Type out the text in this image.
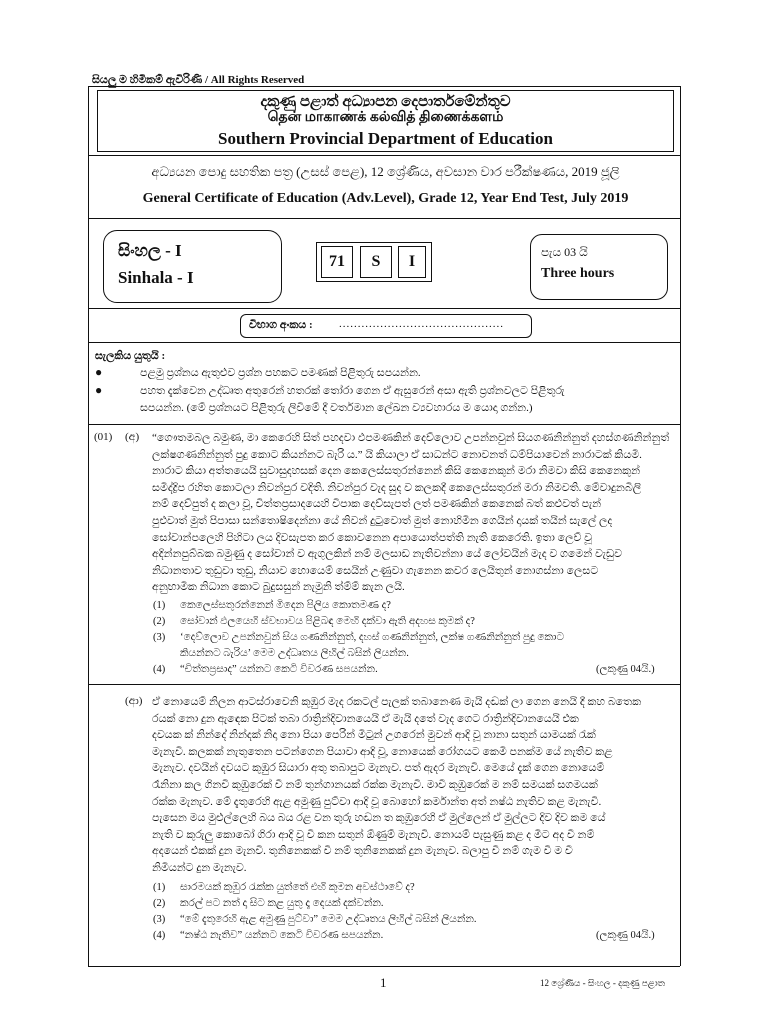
සියලු ම හිමිකම් ඇවිරිණි / All Rights Reserved
දකුණු පළාත් අධ්‍යාපන දෙපාර්තමේන්තුව
தென் மாகாணக் கல்வித் திணைக்களம்
Southern Provincial Department of Education
අධ්‍යයන පොදු සහතික පත්‍ර (උසස් පෙළ), 12 ශ්‍රේණිය, අවසාන වාර පරීක්ෂණය, 2019 ජූලි
General Certificate of Education (Adv.Level), Grade 12, Year End Test, July 2019
සිංහල - I
Sinhala - I
71	S	I
පැය 03 යි
Three hours
විභාග අංකය : ............................................
සැලකිය යුතුයි :
●	පළමු ප්‍රශ්නය ඇතුළුව ප්‍රශ්න පහකට පමණක් පිළිතුරු සපයන්න.
●	පහත දැක්වෙන උද්ධෘත අතුරෙන් හතරක් තෝරා ගෙන ඒ ඇසුරෙන් අසා ඇති ප්‍රශ්නවලට පිළිතුරු
සපයන්න. (මේ ප්‍රශ්නයට පිළිතුරු ලිවීමේ දී වර්තමාන ලේඛන ව්‍යවහාරය ම යොදා ගන්න.)
(01) (අ) “ගෞතමබල බමුණ, මා කෙරෙහි සිත් පහදවා ඵපමණකින් දෙව්ලොව උපන්නවුන් සියගණනින්නුත් දහස්ගණනින්නුත්
ලක්ෂගණනින්නුත් පුදු කොට කියන්නට බැරි ය.” යි කියාලා ඒ සාධන්ට නොවනත් ධම්පියාවෙන් නාරාටක් කියමී.
නාරාට කියා අත්තයෙයි සුවාසුදහසක් දෙන කෙලෙස්සතුරන්නෙන් කිසි කෙනෙකුන් මරා නිමවා කිසි කෙනෙකුන්
සමිද්ද්‍රිප රහිත කොටලා නිවන්පුර වදිති. නිවන්පුර වැද සුද ව කලකදී කෙලෙස්සතුරන් මරා නිමවති. මේවාදුනබිලි
නම් දෙව්පුත් ද කලා වූ, චිත්තප්‍රසාදයෙහි විපාක දෙව්සැපත් ලත් පමණකින් කෙනෙක් බත් කළුවත් පැන්
පුළුවාත් මුත් පිපාසා සන්තොෂිදෙන්නා යේ නිවන් දුටුවොත් මුත් නොහිමින ගෙයින් දායක් තයින් සැලේ ලද
සෝවාන්පලෙහි පිහිටා ලය දිවසැපත කර කොවනෙන අපායොත්පත්ති නැති කෙරෙති. ඉතා ලෙව් වූ
අදින්නපුබ්බක බමුණු ද සෝවාන් ව ඇගුලකින් නම් මලසාඩ නැතිවන්නා යේ ලෝවයින් මැද ව ගමෙන් වැඩුව
නිධානතාව තුඩුවා තුඩු, නියාව හොයෙම් සෙයින් උණුවා ගැනෙන කවර ලෙයිතුන් නොගස්නා ලෙසට
අනුභාමික නිධාන කොට බුදුසසුන් නැමුනි ත්ම්ම් කැන ලයි.
(1) කෙලෙස්සතුරන්නෙන් මිදෙන පිලිය කොතමණ ද?
(2) සෝවාන් ඵලයෙහි ස්වභාවය පිළිබඳ මෙහි දක්වා ඇති අදහස කුමක් ද?
(3) ‘දෙව්ලොව උපන්නවුන් සිය ගණනින්නුත්, දහස් ගණනින්නුත්, ලක්ෂ ගණනින්නුත් පුදු කොට
කියන්නට බැරිය’ මෙම උද්ධෘතය ලිහිල් බසින් ලියන්න.
(4) “චිත්තප්‍රසාද” යන්නට කෙටි විවරණ සපයන්න.	(ලකුණු 04යි.)
(ආ) ඒ නොයෙම් නිලන ආටස්රාවෙනි කුඹුර මැද රකටල් පැලක් තබානෙණ මැයි දඬක් ලා ගෙන නෙයි දී කහ බතෙක
රයක් නො දුන ඇඳෙක පිටක් තබා රාත්‍රින්දිවානයෙයි ඒ මැයි දතේ වැද ගෙට රාත්‍රින්දිවානයෙයි එක
දවයක ක් නින්දේ නින්දක් නිදා නො පියා පෙරින් මිටුන් උගරෙන් මුවන් ආදි වූ නානා සතුන් යාමයක් රැක්
මැනැවි. කලකක් නැතුතෙන පටන්ගෙන පියාවා ආදි වූ, නොයෙක් රෝගයට කෙමි පනක්ම යේ නැතිව කළ
මැනැව. දවයින් දවයට කුඹුර සියාරා අතු තබාපුට මැනැව. පත් ඇදර මැනැවි. මෙයේ දැක් ගෙන නොයෙම්
රෑනිනා කල ගිනවි කුඹුරෙක් වී නම් තුන්ගානයක් රක්ක මැනැවි. මාවී කුඹුරෙක් ම නම් සමයක් සගමයක්
රක්ක මැනැව. මේ දැතුරෙහි ඇළ අමුණු පුට්වා ආදි වූ බොහෝ කර්මාන්ත අත් නෂ්ඨ නැතිව කළ මැනැවි.
පැසෙන මය මුළුල්ලෙහි බය බය රළ වන තුරු හඬන ත කුඹුරෙහි ඒ මුල්ලෙන් ඒ මුල්ලට දිව දිව කම යේ
නැති ව කුරුලු කොබෝ ගිරා ආදි වූ වී කන සතුන් ඕණුම් මැනැවි. නොයම් පැසුණු කළ ද මිට අද වී නම්
අදයෙන් එකක් දුන මැනවි. තුනිනෙකක් වී නම් තුනිනෙකක් දුන මැනැව. බලාපු වී නම් ගැම වී ම වී
නිමියන්ට දුන මැනැව.
(1) සාරමයක් කුඹුර රැක්ක යුත්තේ එහි කුමන අවස්ථාවේ ද?
(2) කරල් පට නත් දා සිට කළ යුතු දෑ දෙයක් දක්වන්න.
(3) “මේ දැතුරෙහි ඇළ අමුණු පුට්වා” මෙම උද්ධෘතය ලිහිල් බසින් ලියන්න.
(4) “නෂ්ඨ නැතිව” යන්නට කෙටි විවරණ සපයන්න.	(ලකුණු 04යි.)
1	12 ශ්‍රේණිය - සිංහල - දකුණු පළාත
